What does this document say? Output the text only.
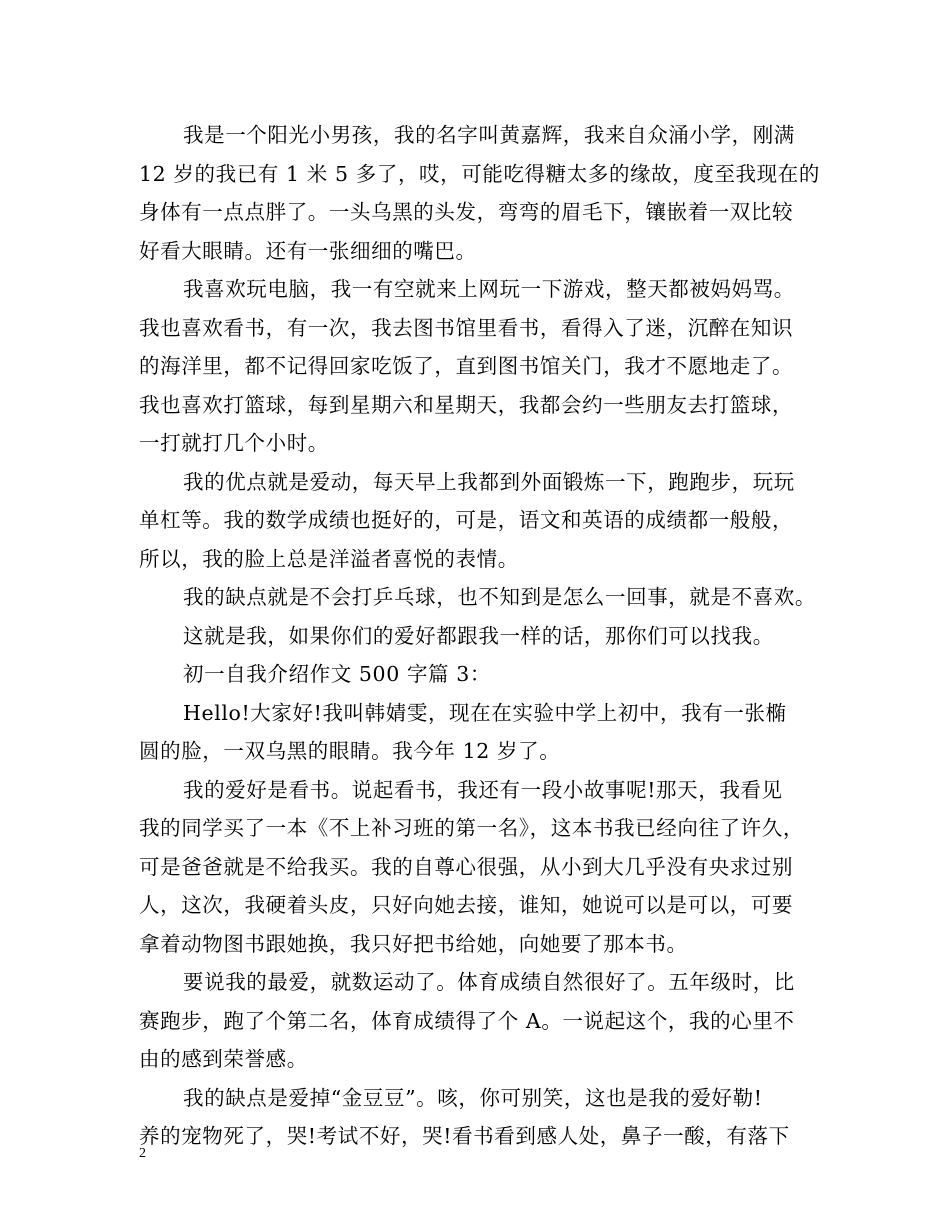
我是一个阳光小男孩，我的名字叫黄嘉辉，我来自众涌小学，刚满
12 岁的我已有 1 米 5 多了，哎，可能吃得糖太多的缘故，度至我现在的
身体有一点点胖了。一头乌黑的头发，弯弯的眉毛下，镶嵌着一双比较
好看大眼睛。还有一张细细的嘴巴。
我喜欢玩电脑，我一有空就来上网玩一下游戏，整天都被妈妈骂。
我也喜欢看书，有一次，我去图书馆里看书，看得入了迷，沉醉在知识
的海洋里，都不记得回家吃饭了，直到图书馆关门，我才不愿地走了。
我也喜欢打篮球，每到星期六和星期天，我都会约一些朋友去打篮球，
一打就打几个小时。
我的优点就是爱动，每天早上我都到外面锻炼一下，跑跑步，玩玩
单杠等。我的数学成绩也挺好的，可是，语文和英语的成绩都一般般，
所以，我的脸上总是洋溢者喜悦的表情。
我的缺点就是不会打乒乓球，也不知到是怎么一回事，就是不喜欢。
这就是我，如果你们的爱好都跟我一样的话，那你们可以找我。
初一自我介绍作文 500 字篇 3：
Hello!大家好!我叫韩婧雯，现在在实验中学上初中，我有一张椭
圆的脸，一双乌黑的眼睛。我今年 12 岁了。
我的爱好是看书。说起看书，我还有一段小故事呢!那天，我看见
我的同学买了一本《不上补习班的第一名》，这本书我已经向往了许久，
可是爸爸就是不给我买。我的自尊心很强，从小到大几乎没有央求过别
人，这次，我硬着头皮，只好向她去接，谁知，她说可以是可以，可要
拿着动物图书跟她换，我只好把书给她，向她要了那本书。
要说我的最爱，就数运动了。体育成绩自然很好了。五年级时，比
赛跑步，跑了个第二名，体育成绩得了个 A。一说起这个，我的心里不
由的感到荣誉感。
我的缺点是爱掉“金豆豆”。咳，你可别笑，这也是我的爱好勒!
养的宠物死了，哭!考试不好，哭!看书看到感人处，鼻子一酸，有落下
2
